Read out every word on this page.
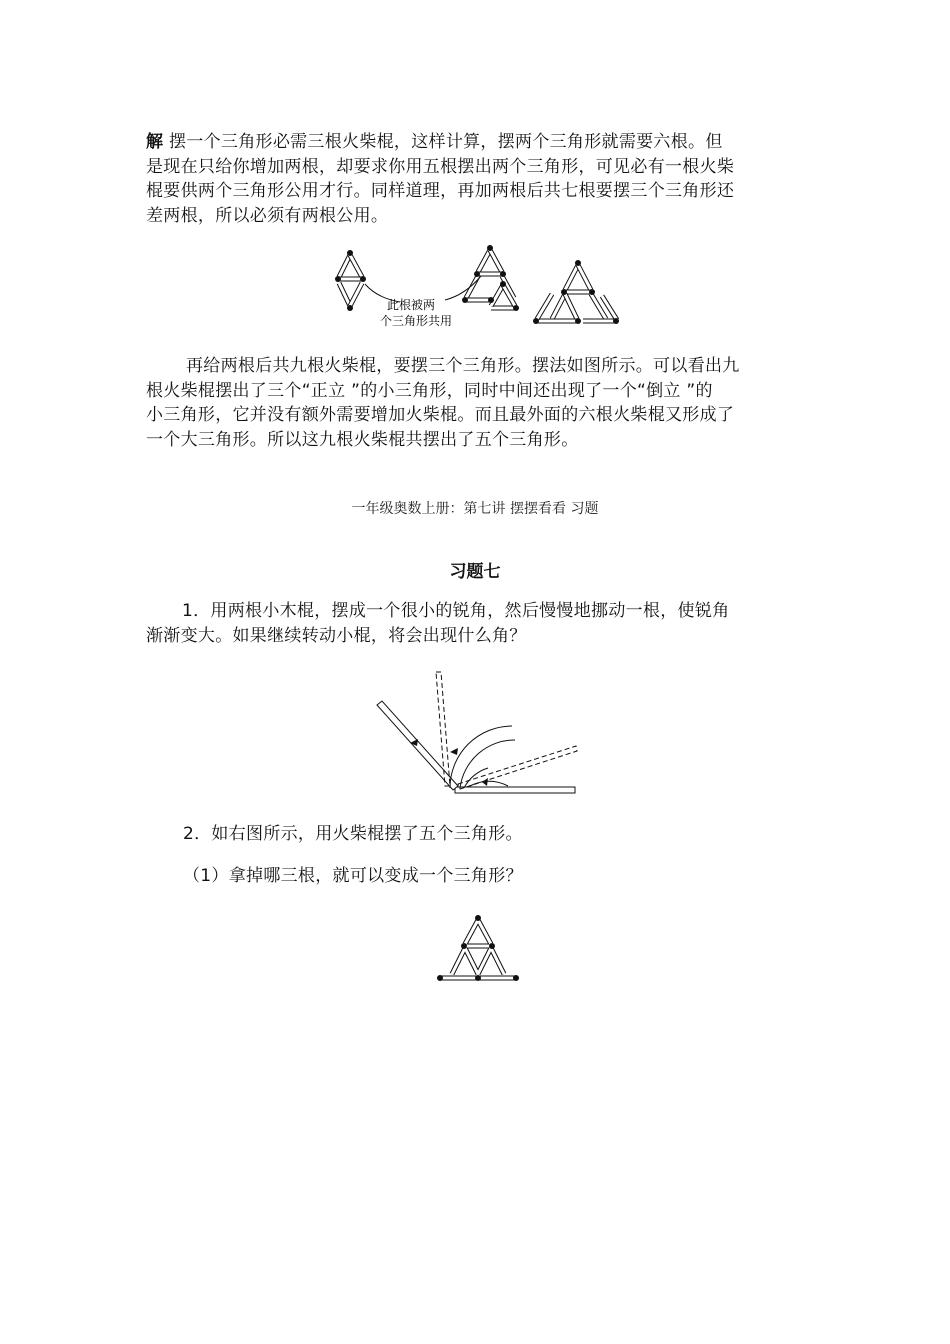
解 摆一个三角形必需三根火柴棍，这样计算，摆两个三角形就需要六根。但
是现在只给你增加两根，却要求你用五根摆出两个三角形，可见必有一根火柴
棍要供两个三角形公用才行。同样道理，再加两根后共七根要摆三个三角形还
差两根，所以必须有两根公用。
此根被两
个三角形共用
再给两根后共九根火柴棍，要摆三个三角形。摆法如图所示。可以看出九
根火柴棍摆出了三个“正立 ”的小三角形，同时中间还出现了一个“倒立 ”的
小三角形，它并没有额外需要增加火柴棍。而且最外面的六根火柴棍又形成了
一个大三角形。所以这九根火柴棍共摆出了五个三角形。
一年级奥数上册：第七讲 摆摆看看 习题
习题七
1．用两根小木棍，摆成一个很小的锐角，然后慢慢地挪动一根，使锐角
渐渐变大。如果继续转动小棍，将会出现什么角？
2．如右图所示，用火柴棍摆了五个三角形。
（1）拿掉哪三根，就可以变成一个三角形？
